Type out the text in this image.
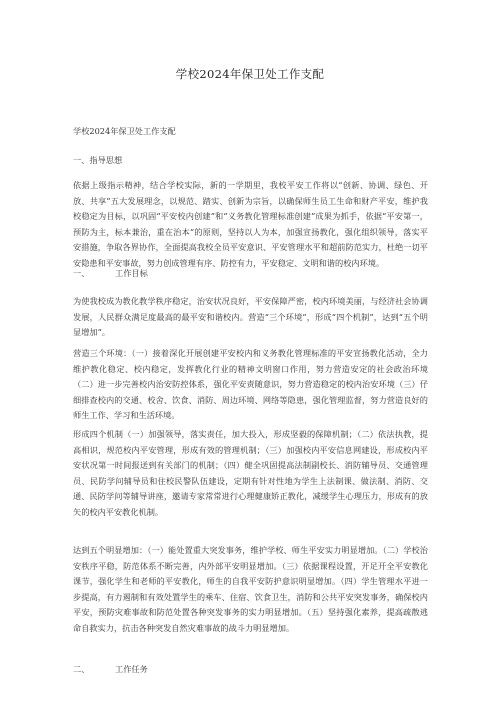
学校2024年保卫处工作支配
学校2024年保卫处工作支配
一、指导思想

依据上级指示精神，结合学校实际，新的一学期里，我校平安工作将以“创新、协调、绿色、开放、共享”五大发展理念，以规范、踏实、创新为宗旨，以确保师生员工生命和财产平安，维护我校稳定为目标，以巩固“平安校内创建”和“义务教化管理标准创建”成果为抓手，依据“平安第一，预防为主，标本兼治，重在治本”的原则，坚持以人为本，加强宣扬教化，强化组织领导，落实平安措施，争取各界协作，全面提高我校全员平安意识、平安管理水平和超前防范实力，杜绝一切平安隐患和平安事故，努力创成管理有序、防控有力，平安稳定、文明和谐的校内环境。

一、	工作目标

为使我校成为教化教学秩序稳定，治安状况良好，平安保障严密，校内环境美丽，与经济社会协调发展，人民群众满足度最高的最平安和谐校内。营造“三个环境”，形成“四个机制”，达到“五个明显增加”。

营造三个环境：（一）接着深化开展创建平安校内和义务教化管理标准的平安宣扬教化活动，全力维护教化稳定、校内稳定，发挥教化行业的精神文明窗口作用，努力营造安定的社会政治环境（二）进一步完善校内治安防控体系，强化平安责随意识，努力营造稳定的校内治安环境（三）仔细排查校内的交通、校舍、饮食、消防、周边环境、网络等隐患，强化管理监督，努力营造良好的师生工作、学习和生活环境。

形成四个机制（一）加强领导，落实责任，加大投入，形成坚毅的保障机制；（二）依法执教，提高相识，规范校内平安管理，形成有效的管理机制；（三）加强校内平安信息网建设，形成校内平安状况第一时间报送到有关部门的机制；（四）健全巩固提高法制副校长、消防辅导员、交通管理员、民防学问辅导员和住校民警队伍建设，定期有针对性地为学生上法制课、做法制、消防、交通、民防学问等辅导讲座，邀请专家常常进行心理健康矫正教化，减缓学生心理压力，形成有的放矢的校内平安教化机制。

达到五个明显增加：（一）能处置重大突发事务，维护学校、师生平安实力明显增加。（二）学校治安秩序平稳，防范体系不断完善，内外部平安明显增加。（三）依据课程设置，开足开全平安教化课节，强化学生和老师的平安教化，师生的自我平安防护意识明显增加。（四）学生管理水平进一步提高，有力遏制和有效处置学生的乘车、住宿、饮食卫生，消防和公共平安突发事务，确保校内平安，预防灾难事故和防范处置各种突发事务的实力明显增加。（五）坚持强化素养，提高疏散逃命自救实力，抗击各种突发自然灾难事故的战斗力明显增加。

二、	工作任务
